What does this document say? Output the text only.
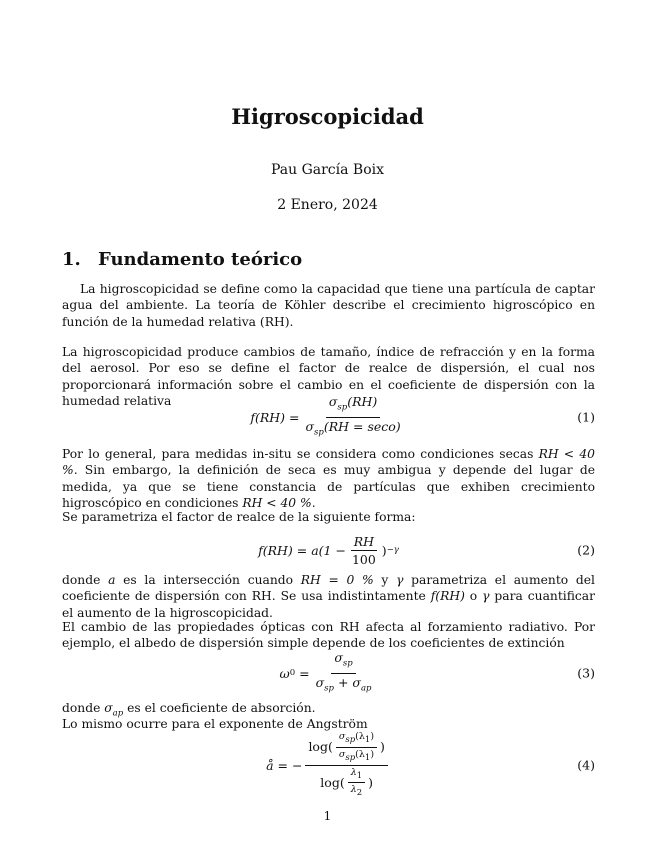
Higroscopicidad
Pau García Boix
2 Enero, 2024
1. Fundamento teórico

La higroscopicidad se define como la capacidad que tiene una partícula de captar agua del ambiente. La teoría de Köhler describe el crecimiento higroscópico en función de la humedad relativa (RH).

La higroscopicidad produce cambios de tamaño, índice de refracción y en la forma del aerosol. Por eso se define el factor de realce de dispersión, el cual nos proporcionará información sobre el cambio en el coeficiente de dispersión con la humedad relativa

$f(RH) = \frac{\sigma_{sp}(RH)}{\sigma_{sp}(RH = \sec o)}$	(1)

Por lo general, para medidas in-situ se considera como condiciones secas RH < 40 %. Sin embargo, la definición de seca es muy ambigua y depende del lugar de medida, ya que se tiene constancia de partículas que exhiben crecimiento higroscópico en condiciones RH < 40 %.

Se parametriza el factor de realce de la siguiente forma:

$f(RH) = a(1 - \frac{RH}{100}$ ) −γ	(2)

donde a es la intersección cuando RH = 0 % y γ parametriza el aumento del coeficiente de dispersión con RH. Se usa indistintamente f(RH) o γ para cuantificar el aumento de la higroscopicidad.

El cambio de las propiedades ópticas con RH afecta al forzamiento radiativo. Por ejemplo, el albedo de dispersión simple depende de los coeficientes de extinción

ω 0
= $\frac{\sigma_{sp}}{\sigma_{sp} + \sigma_{ap}}$	(3)

donde $\sigma_{ap}$ es el coeficiente de absorción.

Lo mismo ocurre para el exponente de Angström

å = − $\frac{\log( \frac{\sigma_{sp}(\lambda_1)}{\sigma_{sp}(\lambda_1)} )}{\log( \frac{\lambda_1}{\lambda_2} )}$	(4)
1
